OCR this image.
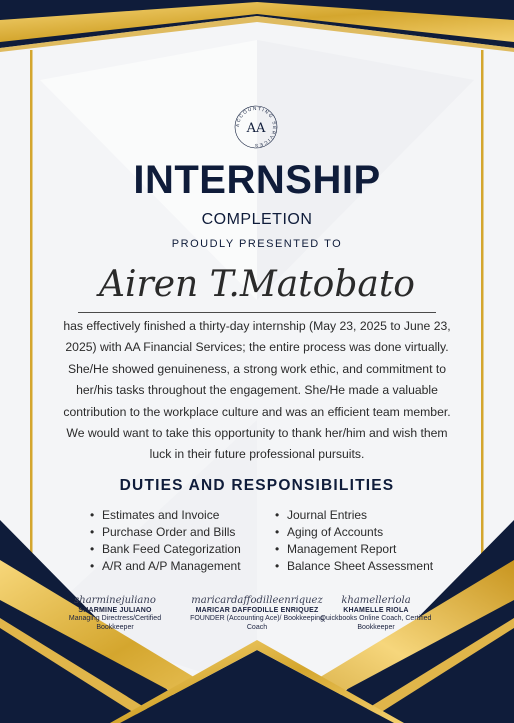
ACCOUNTING SERVICES
AA
INTERNSHIP
COMPLETION
PROUDLY PRESENTED TO
Airen T.Matobato
has effectively finished a thirty-day internship (May 23, 2025 to June 23, 2025) with AA Financial Services; the entire process was done virtually. She/He showed genuineness, a strong work ethic, and commitment to her/his tasks throughout the engagement. She/He made a valuable contribution to the workplace culture and was an efficient team member. We would want to take this opportunity to thank her/him and wish them luck in their future professional pursuits.
DUTIES AND RESPONSIBILITIES
• Estimates and Invoice
• Purchase Order and Bills
• Bank Feed Categorization
• A/R and A/P Management
• Journal Entries
• Aging of Accounts
• Management Report
• Balance Sheet Assessment
sharminejuliano
SHARMINE JULIANO
Managing Directress/Certified Bookkeeper
maricardaffodilleenriquez
MARICAR DAFFODILLE ENRIQUEZ
FOUNDER (Accounting Ace)/ Bookkeeping Coach
khamelleriola
KHAMELLE RIOLA
Quickbooks Online Coach, Certified Bookkeeper
